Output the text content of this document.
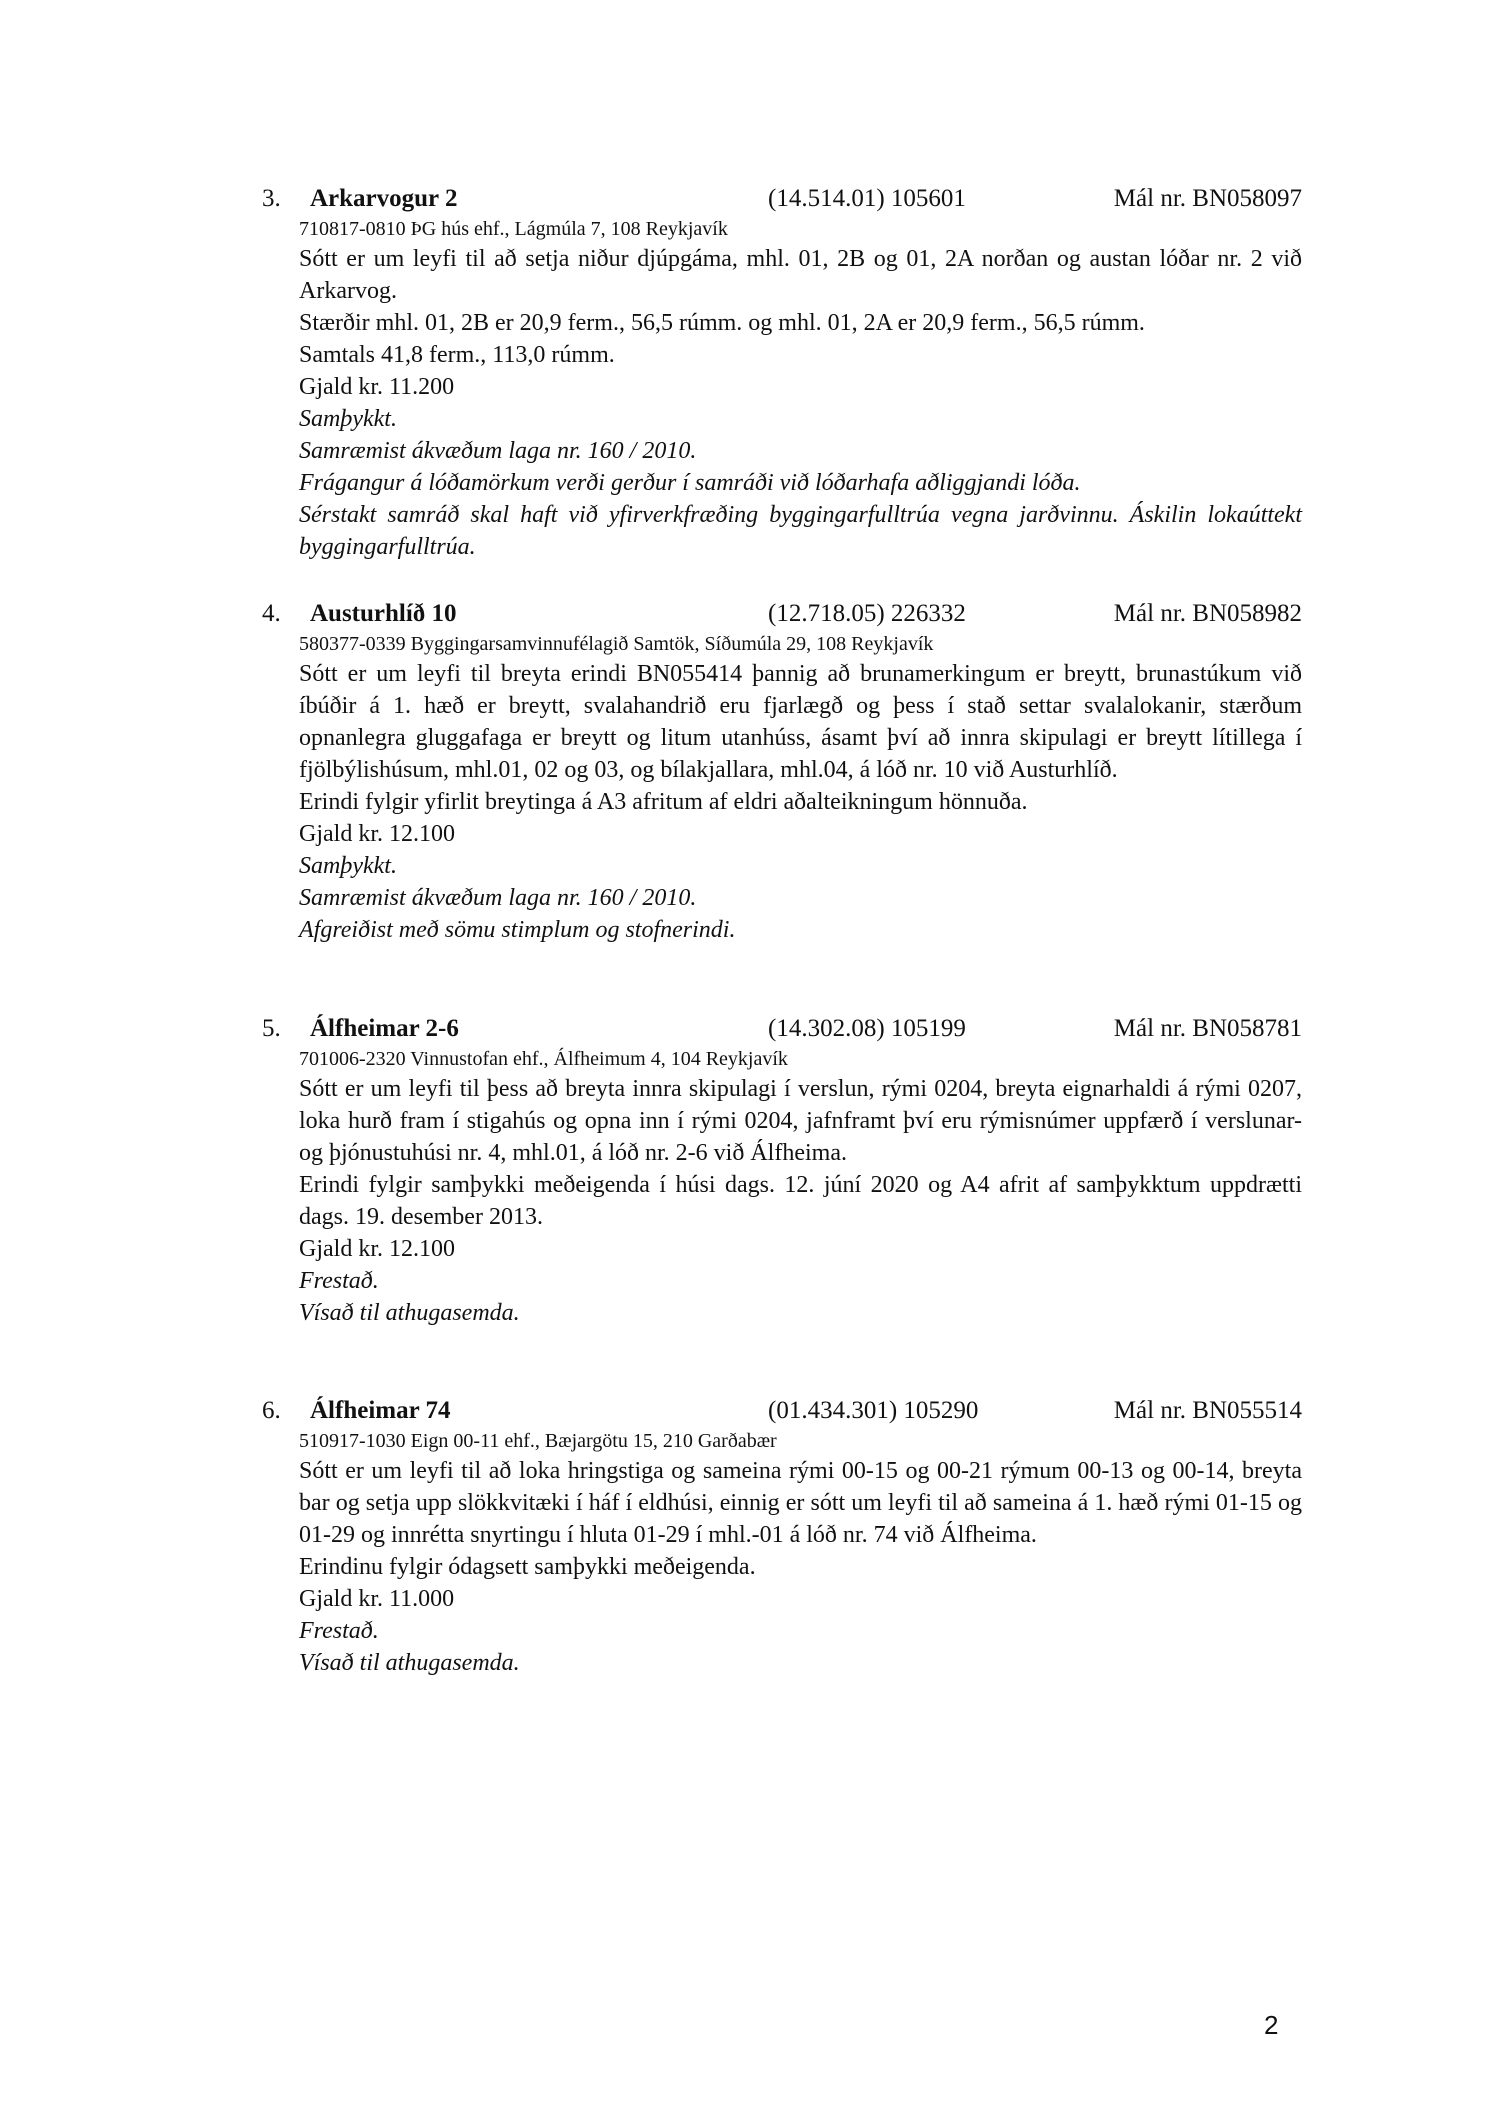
3. Arkarvogur 2	(14.514.01) 105601	Mál nr. BN058097
710817-0810 ÞG hús ehf., Lágmúla 7, 108 Reykjavík
Sótt er um leyfi til að setja niður djúpgáma, mhl. 01, 2B og 01, 2A norðan og austan lóðar nr. 2 við Arkarvog.
Stærðir mhl. 01, 2B er 20,9 ferm., 56,5 rúmm. og mhl. 01, 2A er 20,9 ferm., 56,5 rúmm.
Samtals 41,8 ferm., 113,0 rúmm.
Gjald kr. 11.200
Samþykkt.
Samræmist ákvæðum laga nr. 160 / 2010.
Frágangur á lóðamörkum verði gerður í samráði við lóðarhafa aðliggjandi lóða.
Sérstakt samráð skal haft við yfirverkfræðing byggingarfulltrúa vegna jarðvinnu. Áskilin lokaúttekt byggingarfulltrúa.
4. Austurhlíð 10	(12.718.05) 226332	Mál nr. BN058982
580377-0339 Byggingarsamvinnufélagið Samtök, Síðumúla 29, 108 Reykjavík
Sótt er um leyfi til breyta erindi BN055414 þannig að brunamerkingum er breytt, brunastúkum við íbúðir á 1. hæð er breytt, svalahandrið eru fjarlægð og þess í stað settar svalalokanir, stærðum opnanlegra gluggafaga er breytt og litum utanhúss, ásamt því að innra skipulagi er breytt lítillega í fjölbýlishúsum, mhl.01, 02 og 03, og bílakjallara, mhl.04, á lóð nr. 10 við Austurhlíð.
Erindi fylgir yfirlit breytinga á A3 afritum af eldri aðalteikningum hönnuða.
Gjald kr. 12.100
Samþykkt.
Samræmist ákvæðum laga nr. 160 / 2010.
Afgreiðist með sömu stimplum og stofnerindi.
5. Álfheimar 2-6	(14.302.08) 105199	Mál nr. BN058781
701006-2320 Vinnustofan ehf., Álfheimum 4, 104 Reykjavík
Sótt er um leyfi til þess að breyta innra skipulagi í verslun, rými 0204, breyta eignarhaldi á rými 0207, loka hurð fram í stigahús og opna inn í rými 0204, jafnframt því eru rýmisnúmer uppfærð í verslunar- og þjónustuhúsi nr. 4, mhl.01, á lóð nr. 2-6 við Álfheima.
Erindi fylgir samþykki meðeigenda í húsi dags. 12. júní 2020 og A4 afrit af samþykktum uppdrætti dags. 19. desember 2013.
Gjald kr. 12.100
Frestað.
Vísað til athugasemda.
6. Álfheimar 74	(01.434.301) 105290	Mál nr. BN055514
510917-1030 Eign 00-11 ehf., Bæjargötu 15, 210 Garðabær
Sótt er um leyfi til að loka hringstiga og sameina rými 00-15 og 00-21 rýmum 00-13 og 00-14, breyta bar og setja upp slökkvitæki í háf í eldhúsi, einnig er sótt um leyfi til að sameina á 1. hæð rými 01-15 og 01-29 og innrétta snyrtingu í hluta 01-29 í mhl.-01 á lóð nr. 74 við Álfheima.
Erindinu fylgir ódagsett samþykki meðeigenda.
Gjald kr. 11.000
Frestað.
Vísað til athugasemda.
2
